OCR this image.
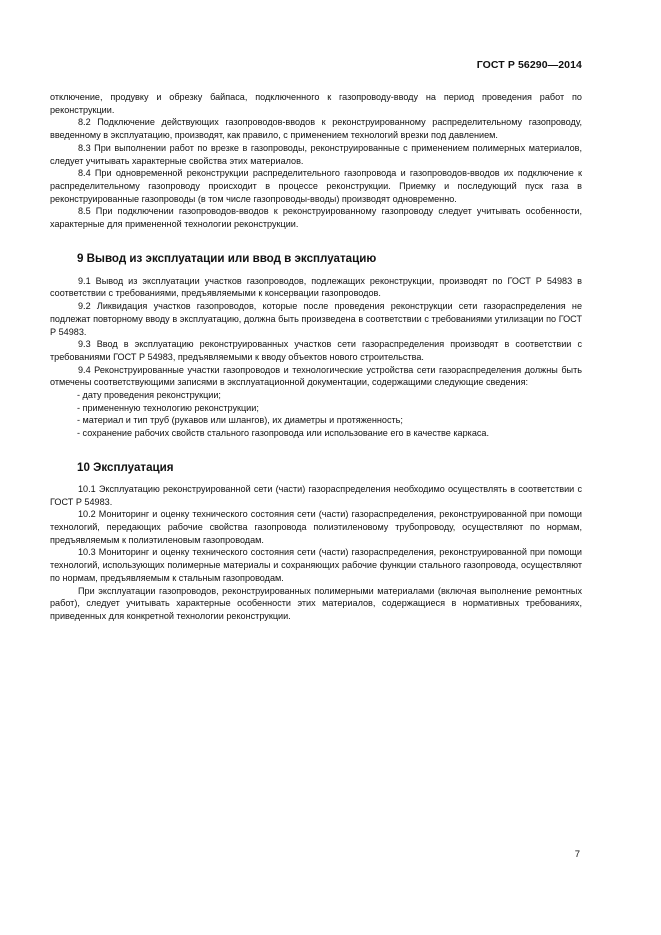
ГОСТ Р 56290—2014

отключение, продувку и обрезку байпаса, подключенного к газопроводу-вводу на период проведения работ по реконструкции.

8.2 Подключение действующих газопроводов-вводов к реконструированному распределительному газопроводу, введенному в эксплуатацию, производят, как правило, с применением технологий врезки под давлением.

8.3 При выполнении работ по врезке в газопроводы, реконструированные с применением полимерных материалов, следует учитывать характерные свойства этих материалов.

8.4 При одновременной реконструкции распределительного газопровода и газопроводов-вводов их подключение к распределительному газопроводу происходит в процессе реконструкции. Приемку и последующий пуск газа в реконструированные газопроводы (в том числе газопроводы-вводы) производят одновременно.

8.5 При подключении газопроводов-вводов к реконструированному газопроводу следует учитывать особенности, характерные для примененной технологии реконструкции.

9 Вывод из эксплуатации или ввод в эксплуатацию

9.1 Вывод из эксплуатации участков газопроводов, подлежащих реконструкции, производят по ГОСТ Р 54983 в соответствии с требованиями, предъявляемыми к консервации газопроводов.

9.2 Ликвидация участков газопроводов, которые после проведения реконструкции сети газораспределения не подлежат повторному вводу в эксплуатацию, должна быть произведена в соответствии с требованиями утилизации по ГОСТ Р 54983.

9.3 Ввод в эксплуатацию реконструированных участков сети газораспределения производят в соответствии с требованиями ГОСТ Р 54983, предъявляемыми к вводу объектов нового строительства.

9.4 Реконструированные участки газопроводов и технологические устройства сети газораспределения должны быть отмечены соответствующими записями в эксплуатационной документации, содержащими следующие сведения:

- дату проведения реконструкции;

- примененную технологию реконструкции;

- материал и тип труб (рукавов или шлангов), их диаметры и протяженность;

- сохранение рабочих свойств стального газопровода или использование его в качестве каркаса.

10 Эксплуатация

10.1 Эксплуатацию реконструированной сети (части) газораспределения необходимо осуществлять в соответствии с ГОСТ Р 54983.

10.2 Мониторинг и оценку технического состояния сети (части) газораспределения, реконструированной при помощи технологий, передающих рабочие свойства газопровода полиэтиленовому трубопроводу, осуществляют по нормам, предъявляемым к полиэтиленовым газопроводам.

10.3 Мониторинг и оценку технического состояния сети (части) газораспределения, реконструированной при помощи технологий, использующих полимерные материалы и сохраняющих рабочие функции стального газопровода, осуществляют по нормам, предъявляемым к стальным газопроводам.

При эксплуатации газопроводов, реконструированных полимерными материалами (включая выполнение ремонтных работ), следует учитывать характерные особенности этих материалов, содержащиеся в нормативных требованиях, приведенных для конкретной технологии реконструкции.

7
